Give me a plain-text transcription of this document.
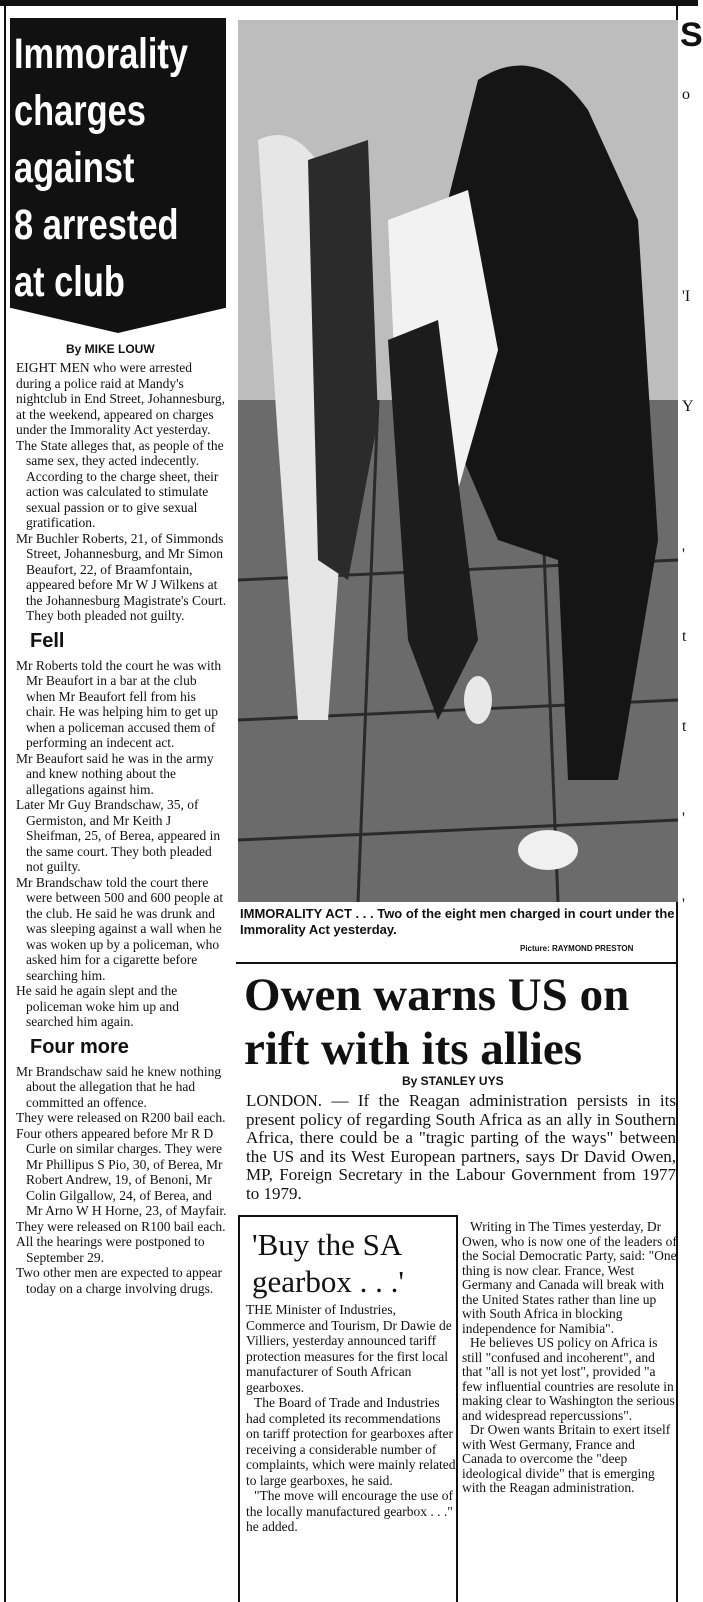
Immorality
charges
against
8 arrested
at club
By MIKE LOUW

EIGHT MEN who were arrested during a police raid at Mandy's nightclub in End Street, Johannesburg, at the weekend, appeared on charges under the Immorality Act yesterday.

The State alleges that, as people of the same sex, they acted indecently. According to the charge sheet, their action was calculated to stimulate sexual passion or to give sexual gratification.

Mr Buchler Roberts, 21, of Simmonds Street, Johannesburg, and Mr Simon Beaufort, 22, of Braamfontain, appeared before Mr W J Wilkens at the Johannesburg Magistrate's Court. They both pleaded not guilty.

Fell

Mr Roberts told the court he was with Mr Beaufort in a bar at the club when Mr Beaufort fell from his chair. He was helping him to get up when a policeman accused them of performing an indecent act.

Mr Beaufort said he was in the army and knew nothing about the allegations against him.

Later Mr Guy Brandschaw, 35, of Germiston, and Mr Keith J Sheifman, 25, of Berea, appeared in the same court. They both pleaded not guilty.

Mr Brandschaw told the court there were between 500 and 600 people at the club. He said he was drunk and was sleeping against a wall when he was woken up by a policeman, who asked him for a cigarette before searching him.

He said he again slept and the policeman woke him up and searched him again.

Four more

Mr Brandschaw said he knew nothing about the allegation that he had committed an offence.

They were released on R200 bail each.

Four others appeared before Mr R D Curle on similar charges. They were Mr Phillipus S Pio, 30, of Berea, Mr Robert Andrew, 19, of Benoni, Mr Colin Gilgallow, 24, of Berea, and Mr Arno W H Horne, 23, of Mayfair.

They were released on R100 bail each.

All the hearings were postponed to September 29.

Two other men are expected to appear today on a charge involving drugs.

IMMORALITY ACT . . . Two of the eight men charged in court under the Immorality Act yesterday.
Picture: RAYMOND PRESTON
Owen warns US on rift with its allies
By STANLEY UYS
LONDON. — If the Reagan administration persists in its present policy of regarding South Africa as an ally in Southern Africa, there could be a "tragic parting of the ways" between the US and its West European partners, says Dr David Owen, MP, Foreign Secretary in the Labour Government from 1977 to 1979.

Writing in The Times yesterday, Dr Owen, who is now one of the leaders of the Social Democratic Party, said: "One thing is now clear. France, West Germany and Canada will break with the United States rather than line up with South Africa in blocking independence for Namibia".

He believes US policy on Africa is still "confused and incoherent", and that "all is not yet lost", provided "a few influential countries are resolute in making clear to Washington the serious and widespread repercussions".

Dr Owen wants Britain to exert itself with West Germany, France and Canada to overcome the "deep ideological divide" that is emerging with the Reagan administration.

'Buy the SA gearbox . . .'

THE Minister of Industries, Commerce and Tourism, Dr Dawie de Villiers, yesterday announced tariff protection measures for the first local manufacturer of South African gearboxes.

The Board of Trade and Industries had completed its recommendations on tariff protection for gearboxes after receiving a considerable number of complaints, which were mainly related to large gearboxes, he said.

"The move will encourage the use of the locally manufactured gearbox . . ." he added.

S
o
'I
Y
'
t
t
'
'
